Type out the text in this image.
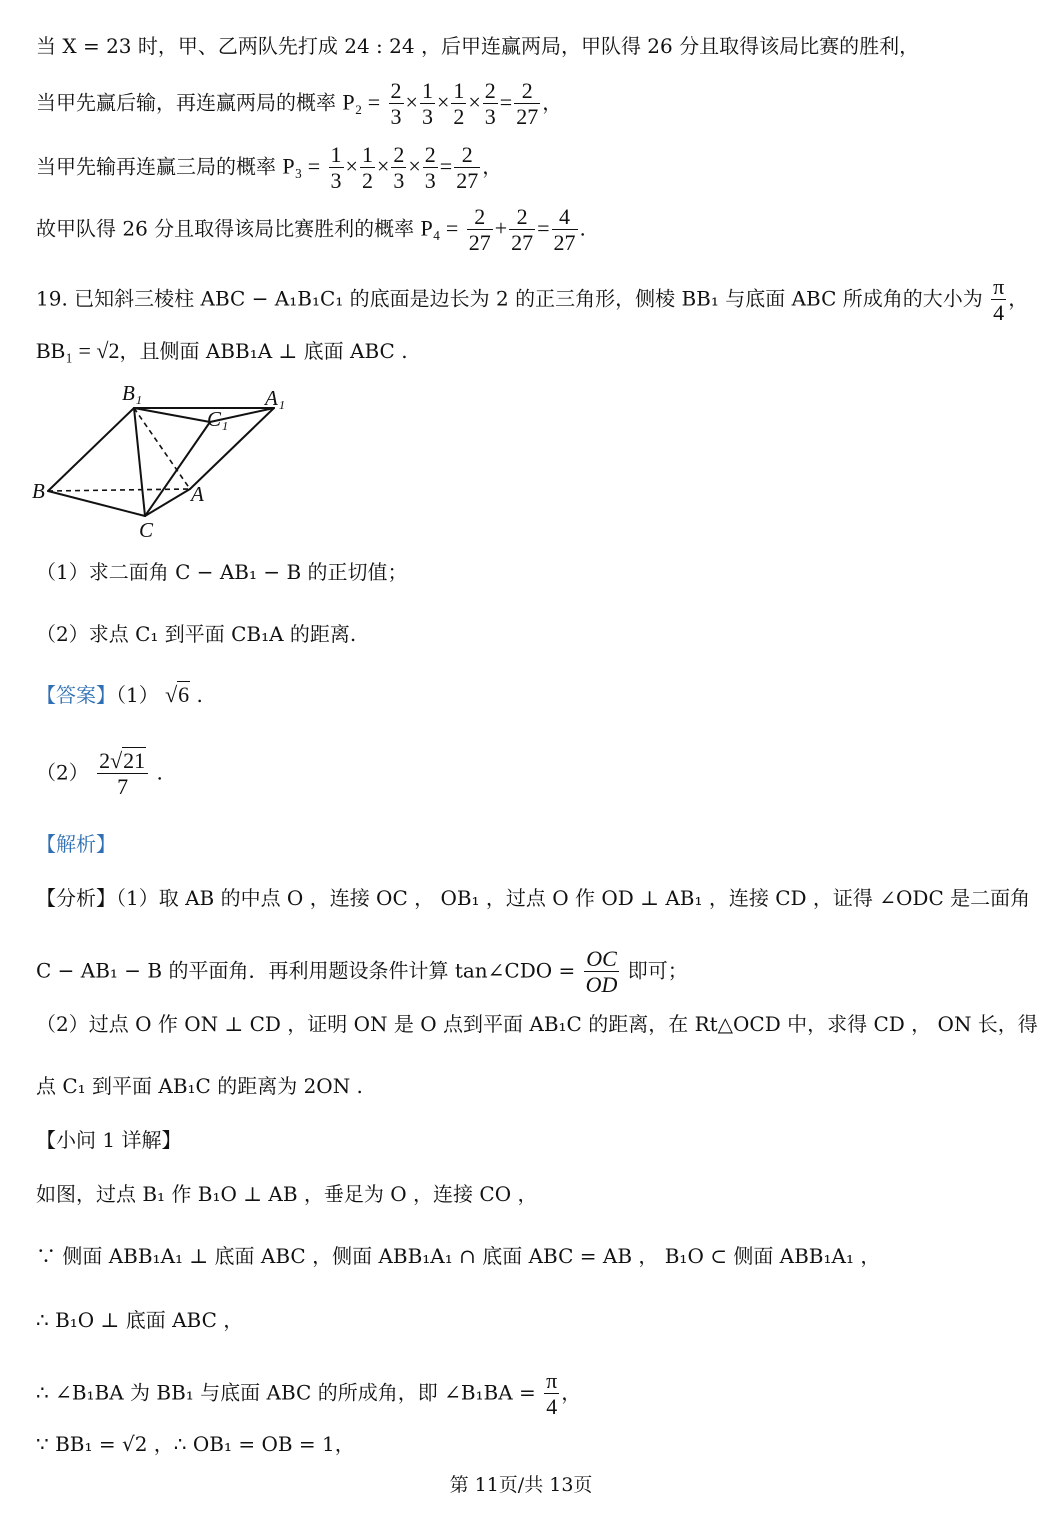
当 X = 23 时，甲、乙两队先打成 24 : 24 ，后甲连赢两局，甲队得 26 分且取得该局比赛的胜利，
当甲先赢后输，再连赢两局的概率 $P_2 = \frac{2}{3} \times \frac{1}{3} \times \frac{1}{2} \times \frac{2}{3} = \frac{2}{27}$ ，
当甲先输再连赢三局的概率 $P_3 = \frac{1}{3} \times \frac{1}{2} \times \frac{2}{3} \times \frac{2}{3} = \frac{2}{27}$ ，
故甲队得 26 分且取得该局比赛胜利的概率 $P_4 = \frac{2}{27} + \frac{2}{27} = \frac{4}{27}$ .
19. 已知斜三棱柱 ABC − A₁B₁C₁ 的底面是边长为 2 的正三角形，侧棱 BB₁ 与底面 ABC 所成角的大小为 $\frac{\pi}{4}$ ，
BB₁ = √2，且侧面 ABB₁A ⊥ 底面 ABC .
B₁	A₁
C₁
B	A
C
（1）求二面角 C − AB₁ − B 的正切值；
（2）求点 C₁ 到平面 CB₁A 的距离.
【答案】（1） √6 .
$(2) \frac{2√21}{7}$ .
【解析】
【分析】（1）取 AB 的中点 O ，连接 OC ， OB₁ ，过点 O 作 OD ⊥ AB₁ ，连接 CD ，证得 ∠ODC 是二面角
C − AB₁ − B 的平面角．再利用题设条件计算 tan∠CDO = $\frac{OC}{OD}$ 即可；
（2）过点 O 作 ON ⊥ CD ，证明 ON 是 O 点到平面 AB₁C 的距离，在 Rt△OCD 中，求得 CD ， ON 长，得
点 C₁ 到平面 AB₁C 的距离为 2ON .
【小问 1 详解】
如图，过点 B₁ 作 B₁O ⊥ AB ，垂足为 O ，连接 CO ，
∵ 侧面 ABB₁A₁ ⊥ 底面 ABC ，侧面 ABB₁A₁ ∩ 底面 ABC = AB ， B₁O ⊂ 侧面 ABB₁A₁ ，
∴ B₁O ⊥ 底面 ABC ，
∴ ∠B₁BA 为 BB₁ 与底面 ABC 的所成角，即 ∠B₁BA = $\frac{\pi}{4}$ ，
∵ BB₁ = √2 ，∴ OB₁ = OB = 1，
第 11页/共 13页
